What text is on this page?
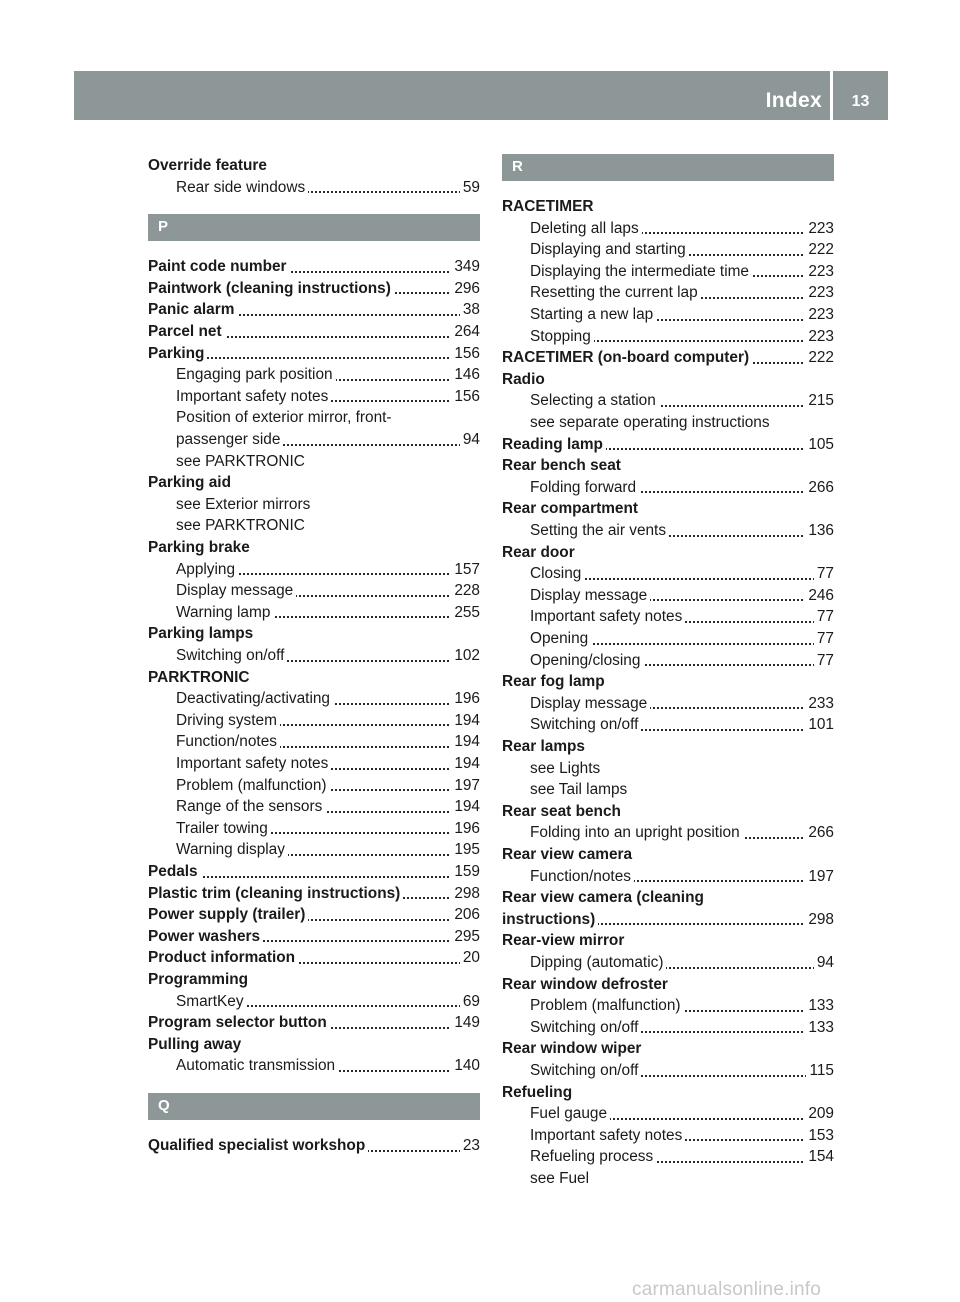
Index	13
Override feature
Rear side windows	59
P
Paint code number	349
Paintwork (cleaning instructions)	296
Panic alarm	38
Parcel net	264
Parking	156
Engaging park position	146
Important safety notes	156
Position of exterior mirror, front-
passenger side	94
see PARKTRONIC
Parking aid
see Exterior mirrors
see PARKTRONIC
Parking brake
Applying	157
Display message	228
Warning lamp	255
Parking lamps
Switching on/off	102
PARKTRONIC
Deactivating/activating	196
Driving system	194
Function/notes	194
Important safety notes	194
Problem (malfunction)	197
Range of the sensors	194
Trailer towing	196
Warning display	195
Pedals	159
Plastic trim (cleaning instructions)	298
Power supply (trailer)	206
Power washers	295
Product information	20
Programming
SmartKey	69
Program selector button	149
Pulling away
Automatic transmission	140
Q
Qualified specialist workshop	23
R
RACETIMER
Deleting all laps	223
Displaying and starting	222
Displaying the intermediate time	223
Resetting the current lap	223
Starting a new lap	223
Stopping	223
RACETIMER (on-board computer)	222
Radio
Selecting a station	215
see separate operating instructions
Reading lamp	105
Rear bench seat
Folding forward	266
Rear compartment
Setting the air vents	136
Rear door
Closing	77
Display message	246
Important safety notes	77
Opening	77
Opening/closing	77
Rear fog lamp
Display message	233
Switching on/off	101
Rear lamps
see Lights
see Tail lamps
Rear seat bench
Folding into an upright position	266
Rear view camera
Function/notes	197
Rear view camera (cleaning
instructions)	298
Rear-view mirror
Dipping (automatic)	94
Rear window defroster
Problem (malfunction)	133
Switching on/off	133
Rear window wiper
Switching on/off	115
Refueling
Fuel gauge	209
Important safety notes	153
Refueling process	154
see Fuel
carmanualsonline.info
